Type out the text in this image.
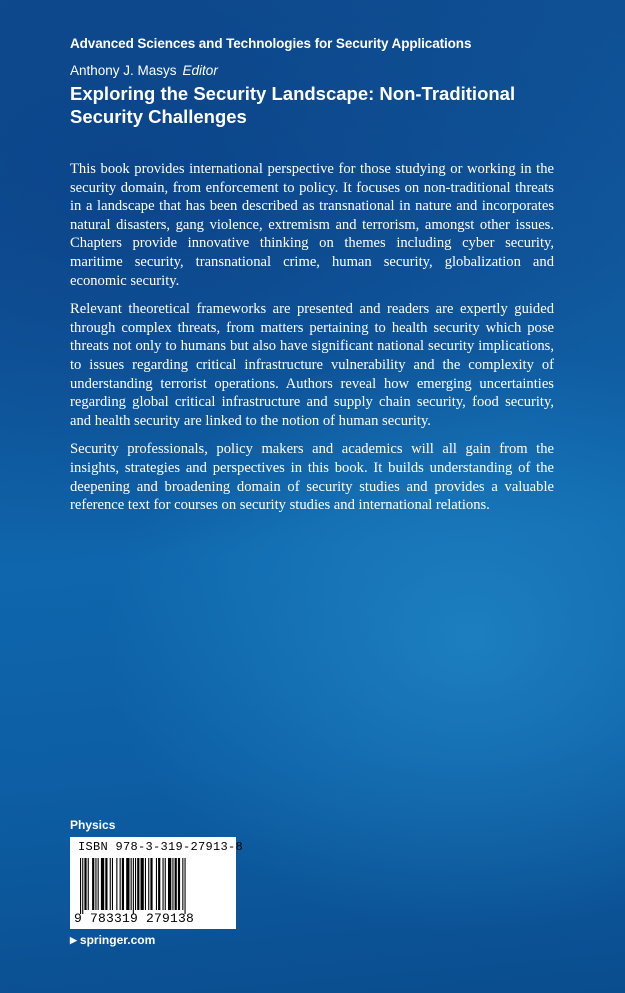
Advanced Sciences and Technologies for Security Applications
Anthony J. Masys Editor
Exploring the Security Landscape: Non-Traditional Security Challenges

This book provides international perspective for those studying or working in the security domain, from enforcement to policy. It focuses on non-traditional threats in a landscape that has been described as transnational in nature and incorporates natural disasters, gang violence, extremism and terrorism, amongst other issues. Chapters provide innovative thinking on themes including cyber security, maritime security, transnational crime, human security, globalization and economic security.

Relevant theoretical frameworks are presented and readers are expertly guided through complex threats, from matters pertaining to health security which pose threats not only to humans but also have significant national security implications, to issues regarding critical infrastructure vulnerability and the complexity of understanding terrorist operations. Authors reveal how emerging uncertainties regarding global critical infrastructure and supply chain security, food security, and health security are linked to the notion of human security.

Security professionals, policy makers and academics will all gain from the insights, strategies and perspectives in this book. It builds understanding of the deepening and broadening domain of security studies and provides a valuable reference text for courses on security studies and international relations.

Physics
ISBN 978-3-319-27913-8
9 783319 279138
▶ springer.com
